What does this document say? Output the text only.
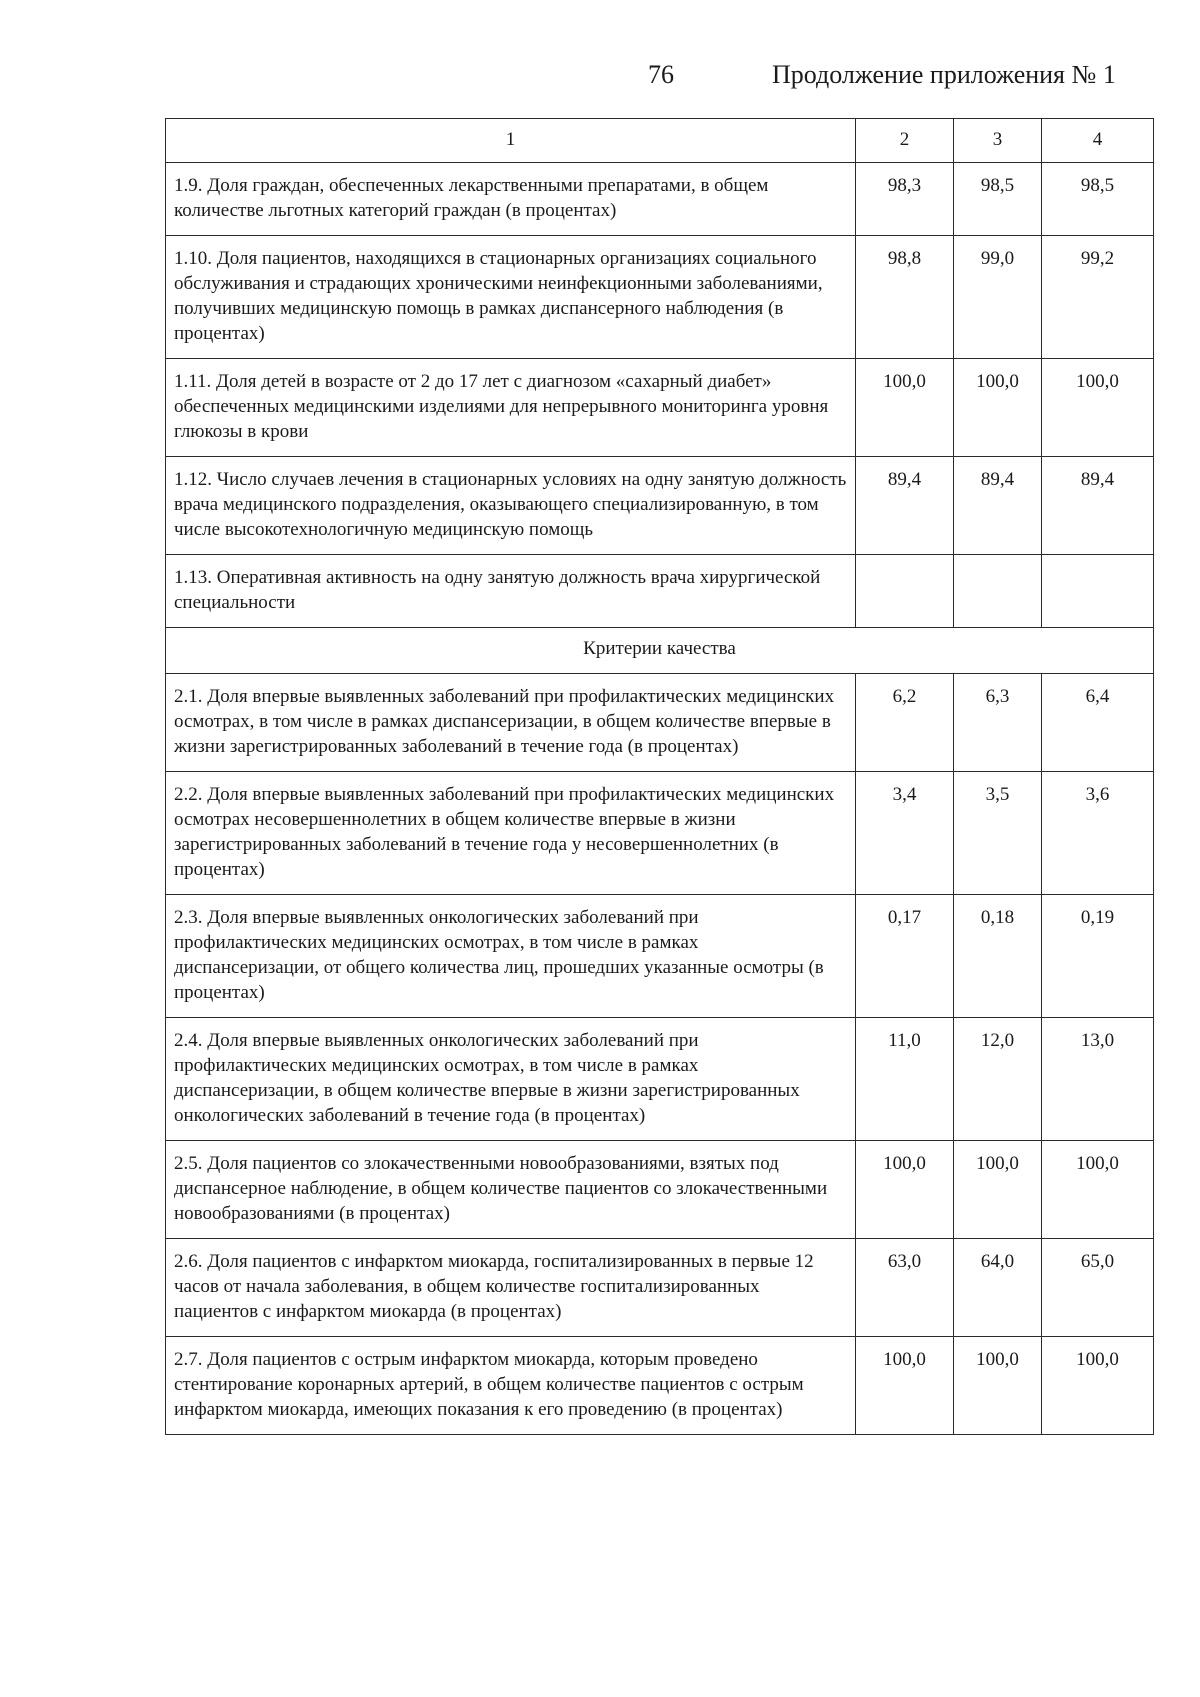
76	Продолжение приложения № 1
1	2	3	4
1.9. Доля граждан, обеспеченных лекарственными препаратами, в общем количестве льготных категорий граждан (в процентах)	98,3	98,5	98,5
1.10. Доля пациентов, находящихся в стационарных организациях социального обслуживания и страдающих хроническими неинфекционными заболеваниями, получивших медицинскую помощь в рамках диспансерного наблюдения (в процентах)	98,8	99,0	99,2
1.11. Доля детей в возрасте от 2 до 17 лет с диагнозом «сахарный диабет» обеспеченных медицинскими изделиями для непрерывного мониторинга уровня глюкозы в крови	100,0	100,0	100,0
1.12. Число случаев лечения в стационарных условиях на одну занятую должность врача медицинского подразделения, оказывающего специализированную, в том числе высокотехнологичную медицинскую помощь	89,4	89,4	89,4
1.13. Оперативная активность на одну занятую должность врача хирургической специальности			
Критерии качества			
2.1. Доля впервые выявленных заболеваний при профилактических медицинских осмотрах, в том числе в рамках диспансеризации, в общем количестве впервые в жизни зарегистрированных заболеваний в течение года (в процентах)	6,2	6,3	6,4
2.2. Доля впервые выявленных заболеваний при профилактических медицинских осмотрах несовершеннолетних в общем количестве впервые в жизни зарегистрированных заболеваний в течение года у несовершеннолетних (в процентах)	3,4	3,5	3,6
2.3. Доля впервые выявленных онкологических заболеваний при профилактических медицинских осмотрах, в том числе в рамках диспансеризации, от общего количества лиц, прошедших указанные осмотры (в процентах)	0,17	0,18	0,19
2.4. Доля впервые выявленных онкологических заболеваний при профилактических медицинских осмотрах, в том числе в рамках диспансеризации, в общем количестве впервые в жизни зарегистрированных онкологических заболеваний в течение года (в процентах)	11,0	12,0	13,0
2.5. Доля пациентов со злокачественными новообразованиями, взятых под диспансерное наблюдение, в общем количестве пациентов со злокачественными новообразованиями (в процентах)	100,0	100,0	100,0
2.6. Доля пациентов с инфарктом миокарда, госпитализированных в первые 12 часов от начала заболевания, в общем количестве госпитализированных пациентов с инфарктом миокарда (в процентах)	63,0	64,0	65,0
2.7. Доля пациентов с острым инфарктом миокарда, которым проведено стентирование коронарных артерий, в общем количестве пациентов с острым инфарктом миокарда, имеющих показания к его проведению (в процентах)	100,0	100,0	100,0
